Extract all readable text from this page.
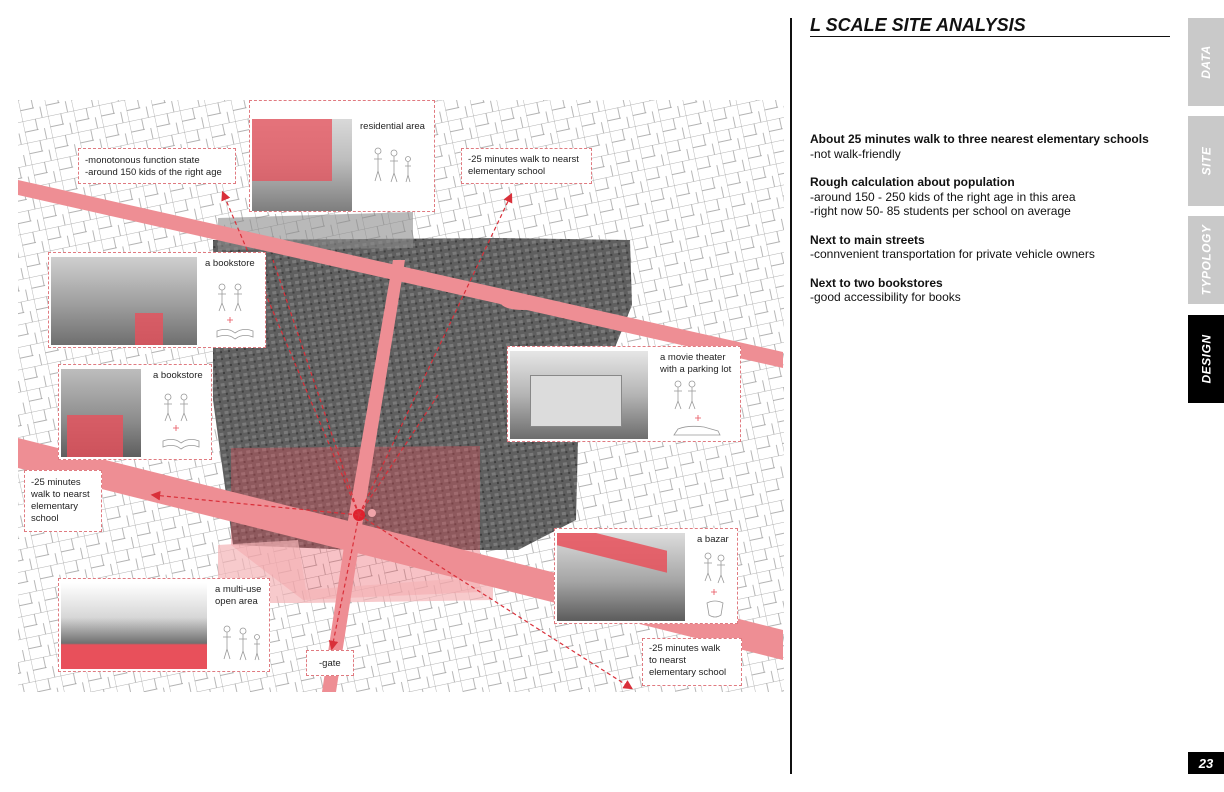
residential area
-monotonous function state
-around 150 kids of the right age
-25 minutes walk to nearst
elementary school
a bookstore
a bookstore
a movie theater
with a parking lot
-25 minutes
walk to nearst
elementary
school
a bazar
a multi-use
open area
-gate
-25 minutes walk
to nearst
elementary school
L SCALE SITE ANALYSIS
About 25 minutes walk to three nearest elementary schools
-not walk-friendly
Rough calculation about population
-around 150 - 250 kids of the right age in this area
-right now 50- 85 students per school on average
Next to main streets
-connvenient transportation for private vehicle owners
Next to two bookstores
-good accessibility for books
DATA
SITE
TYPOLOGY
DESIGN
23
